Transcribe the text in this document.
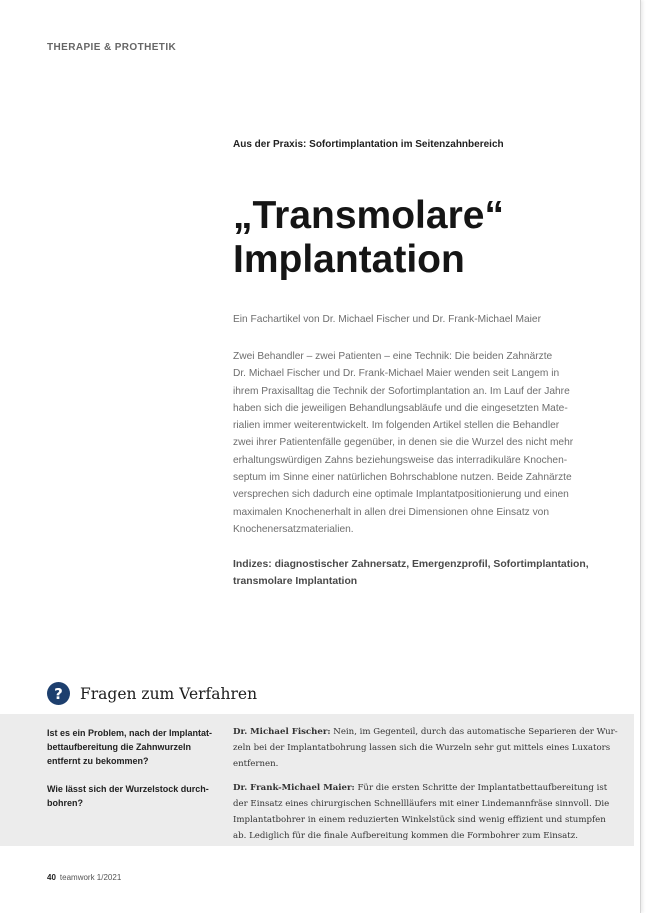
THERAPIE & PROTHETIK
Aus der Praxis: Sofortimplantation im Seitenzahnbereich
„Transmolare“
Implantation
Ein Fachartikel von Dr. Michael Fischer und Dr. Frank-Michael Maier

Zwei Behandler – zwei Patienten – eine Technik: Die beiden Zahnärzte
Dr. Michael Fischer und Dr. Frank-Michael Maier wenden seit Langem in
ihrem Praxisalltag die Technik der Sofortimplantation an. Im Lauf der Jahre
haben sich die jeweiligen Behandlungsabläufe und die eingesetzten Mate-
rialien immer weiterentwickelt. Im folgenden Artikel stellen die Behandler
zwei ihrer Patientenfälle gegenüber, in denen sie die Wurzel des nicht mehr
erhaltungswürdigen Zahns beziehungsweise das interradikuläre Knochen-
septum im Sinne einer natürlichen Bohrschablone nutzen. Beide Zahnärzte
versprechen sich dadurch eine optimale Implantatpositionierung und einen
maximalen Knochenerhalt in allen drei Dimensionen ohne Einsatz von
Knochenersatzmaterialien.

Indizes: diagnostischer Zahnersatz, Emergenzprofil, Sofortimplantation,
transmolare Implantation
?	Fragen zum Verfahren
Ist es ein Problem, nach der Implantat-
bettaufbereitung die Zahnwurzeln
entfernt zu bekommen?
Dr. Michael Fischer: Nein, im Gegenteil, durch das automatische Separieren der Wur-
zeln bei der Implantatbohrung lassen sich die Wurzeln sehr gut mittels eines Luxators
entfernen.
Wie lässt sich der Wurzelstock durch-
bohren?
Dr. Frank-Michael Maier: Für die ersten Schritte der Implantatbettaufbereitung ist
der Einsatz eines chirurgischen Schnellläufers mit einer Lindemannfräse sinnvoll. Die
Implantatbohrer in einem reduzierten Winkelstück sind wenig effizient und stumpfen
ab. Lediglich für die finale Aufbereitung kommen die Formbohrer zum Einsatz.
40 teamwork 1/2021
